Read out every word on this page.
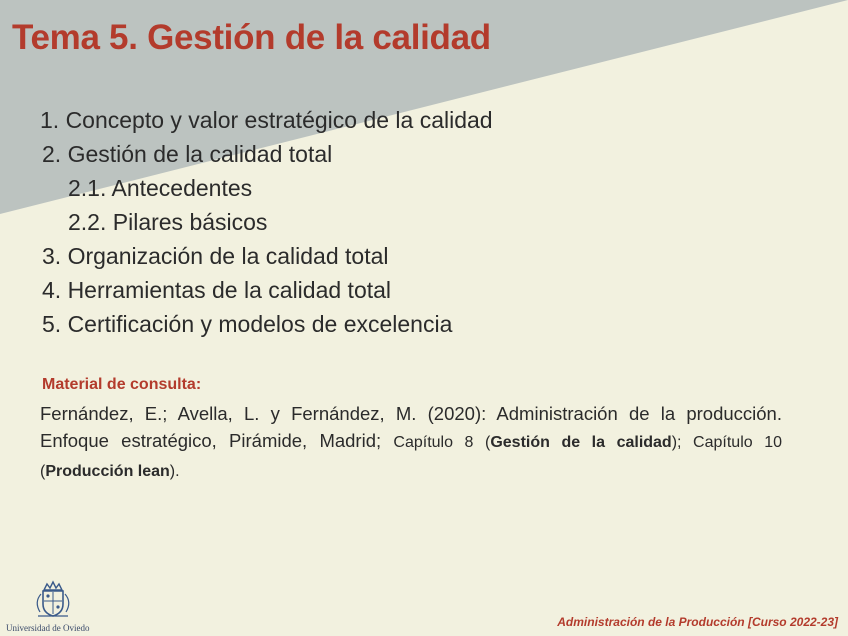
Tema 5. Gestión de la calidad
1. Concepto y valor estratégico de la calidad
2. Gestión de la calidad total
2.1. Antecedentes
2.2. Pilares básicos
3. Organización de la calidad total
4. Herramientas de la calidad total
5. Certificación y modelos de excelencia

Material de consulta:

Fernández, E.; Avella, L. y Fernández, M. (2020): Administración de la producción. Enfoque estratégico, Pirámide, Madrid; Capítulo 8 (Gestión de la calidad); Capítulo 10 (Producción lean).

Universidad de Oviedo	Administración de la Producción [Curso 2022-23]
